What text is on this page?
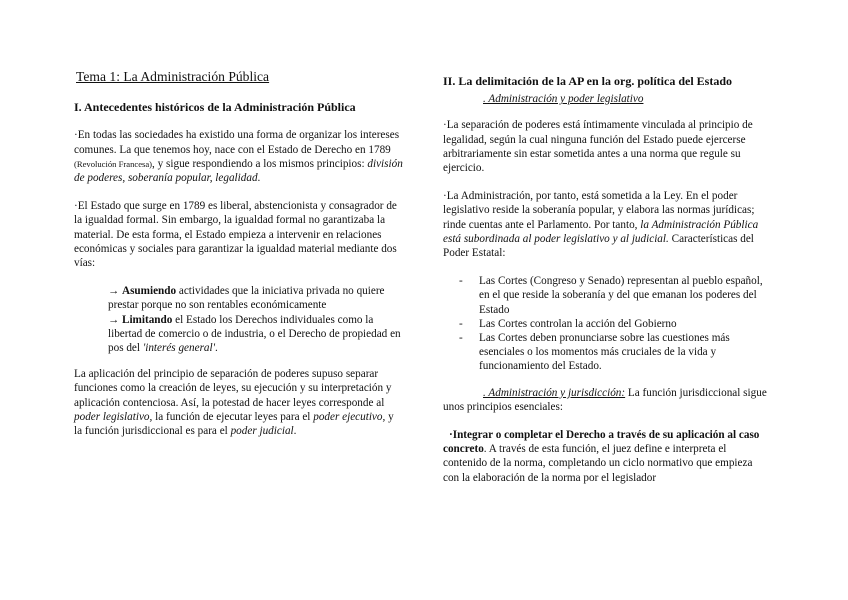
Tema 1: La Administración Pública
I. Antecedentes históricos de la Administración Pública

·En todas las sociedades ha existido una forma de organizar los intereses comunes. La que tenemos hoy, nace con el Estado de Derecho en 1789 (Revolución Francesa), y sigue respondiendo a los mismos principios: división de poderes, soberanía popular, legalidad.

·El Estado que surge en 1789 es liberal, abstencionista y consagrador de la igualdad formal. Sin embargo, la igualdad formal no garantizaba la material. De esta forma, el Estado empieza a intervenir en relaciones económicas y sociales para garantizar la igualdad material mediante dos vías:

→ Asumiendo actividades que la iniciativa privada no quiere prestar porque no son rentables económicamente
→ Limitando el Estado los Derechos individuales como la libertad de comercio o de industria, o el Derecho de propiedad en pos del 'interés general'.

La aplicación del principio de separación de poderes supuso separar funciones como la creación de leyes, su ejecución y su interpretación y aplicación contenciosa. Así, la potestad de hacer leyes corresponde al poder legislativo, la función de ejecutar leyes para el poder ejecutivo, y la función jurisdiccional es para el poder judicial.

II. La delimitación de la AP en la org. política del Estado
. Administración y poder legislativo

·La separación de poderes está íntimamente vinculada al principio de legalidad, según la cual ninguna función del Estado puede ejercerse arbitrariamente sin estar sometida antes a una norma que regule su ejercicio.

·La Administración, por tanto, está sometida a la Ley. En el poder legislativo reside la soberanía popular, y elabora las normas jurídicas; rinde cuentas ante el Parlamento. Por tanto, la Administración Pública está subordinada al poder legislativo y al judicial. Características del Poder Estatal:

- Las Cortes (Congreso y Senado) representan al pueblo español, en el que reside la soberanía y del que emanan los poderes del Estado
- Las Cortes controlan la acción del Gobierno
- Las Cortes deben pronunciarse sobre las cuestiones más esenciales o los momentos más cruciales de la vida y funcionamiento del Estado.

. Administración y jurisdicción: La función jurisdiccional sigue unos principios esenciales:

·Integrar o completar el Derecho a través de su aplicación al caso concreto. A través de esta función, el juez define e interpreta el contenido de la norma, completando un ciclo normativo que empieza con la elaboración de la norma por el legislador
